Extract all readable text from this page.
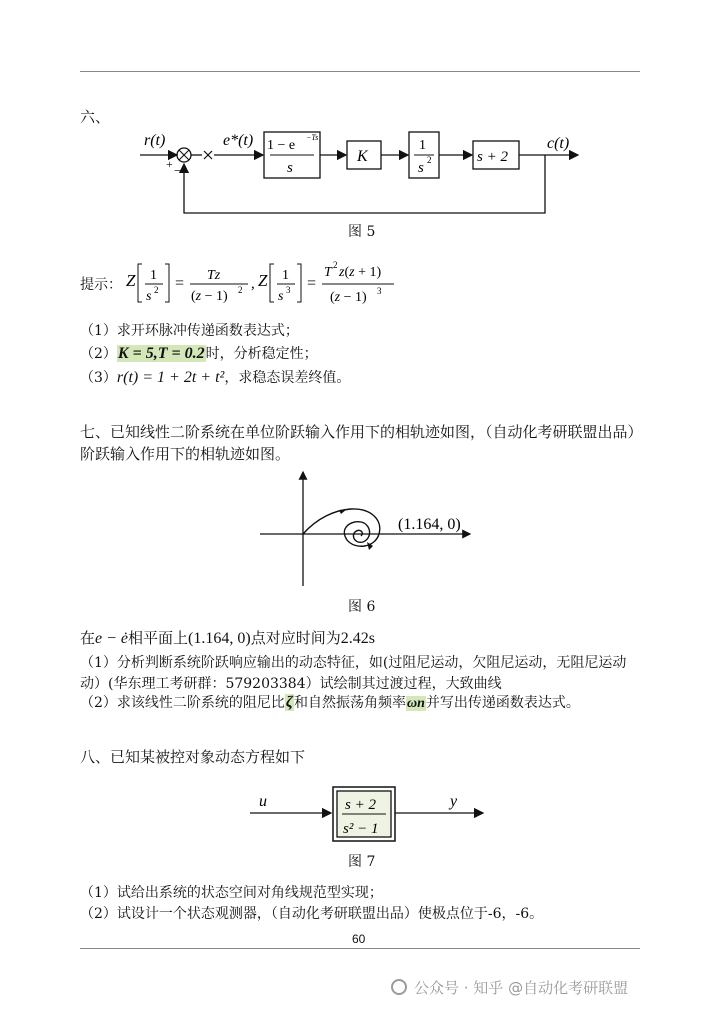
六、
r(t)
+ −
e*(t) 1 − e
−Ts
s
K
1
s 2	s + 2
c(t)
图 5
提示： Z 1
s 2 = Tz
(z − 1) 2 , Z 1
s 3 =
T 2 z(z + 1)
(z − 1) 3
（1）求开环脉冲传递函数表达式；
（2）K = 5,T = 0.2时，分析稳定性；
（3）r(t) = 1 + 2t + t²，求稳态误差终值。
七、已知线性二阶系统在单位阶跃输入作用下的相轨迹如图，（自动化考研联盟出品）
阶跃输入作用下的相轨迹如图。
(1.164, 0)
图 6
在e − ė相平面上(1.164, 0)点对应时间为2.42s
（1）分析判断系统阶跃响应输出的动态特征，如(过阻尼运动，欠阻尼运动，无阻尼运动
动）(华东理工考研群：579203384）试绘制其过渡过程，大致曲线
（2）求该线性二阶系统的阻尼比ζ和自然振荡角频率ωn并写出传递函数表达式。
八、已知某被控对象动态方程如下
u	y
s + 2
s² − 1
图 7
（1）试给出系统的状态空间对角线规范型实现；
（2）试设计一个状态观测器，（自动化考研联盟出品）使极点位于-6，-6。
60
公众号 · 知乎 @自动化考研联盟
